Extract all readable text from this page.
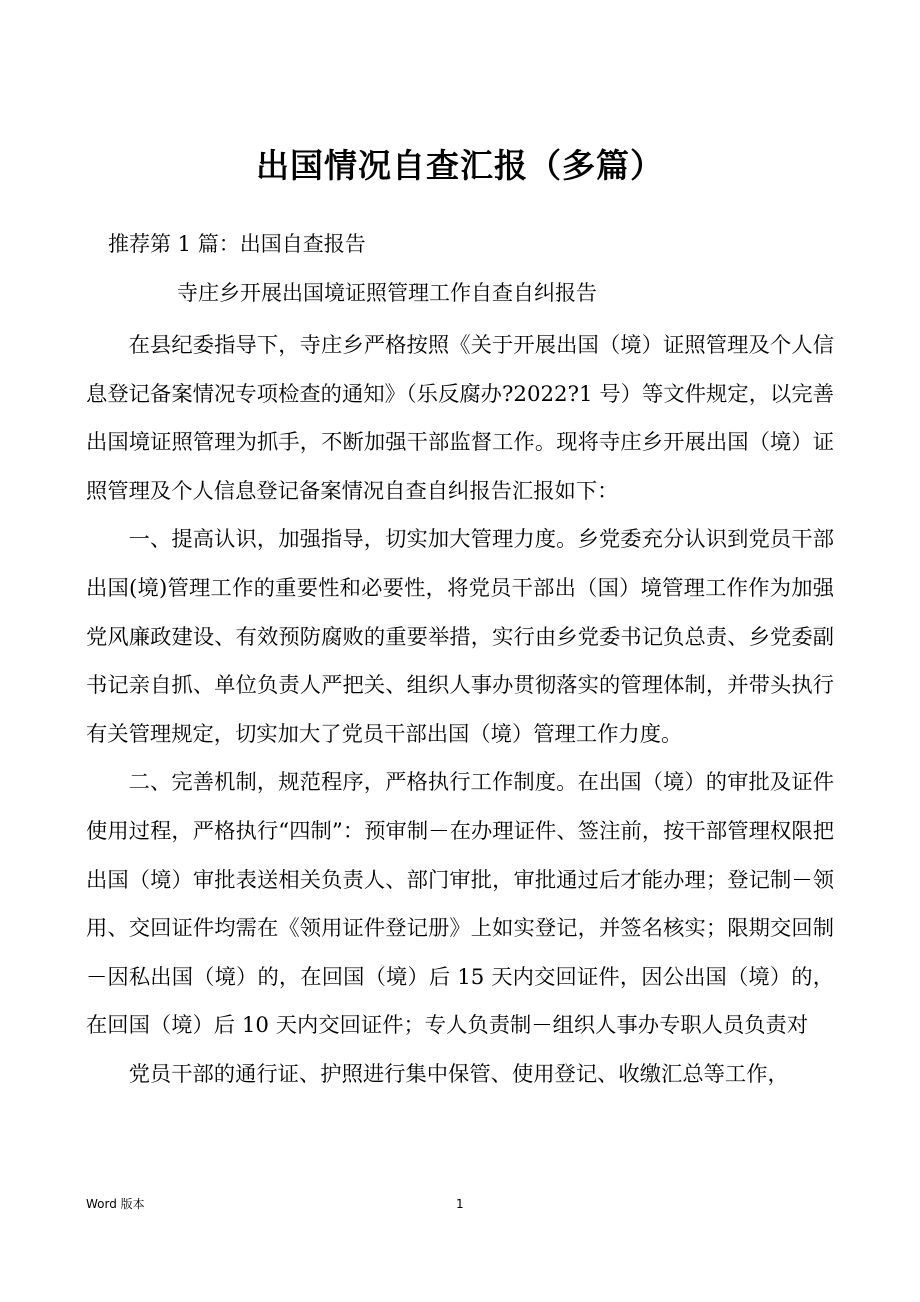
出国情况自查汇报（多篇）
推荐第 1 篇：出国自查报告
寺庄乡开展出国境证照管理工作自查自纠报告

在县纪委指导下，寺庄乡严格按照《关于开展出国（境）证照管理及个人信息登记备案情况专项检查的通知》（乐反腐办?2022?1 号）等文件规定，以完善出国境证照管理为抓手，不断加强干部监督工作。现将寺庄乡开展出国（境）证照管理及个人信息登记备案情况自查自纠报告汇报如下：

一、提高认识，加强指导，切实加大管理力度。乡党委充分认识到党员干部出国(境)管理工作的重要性和必要性，将党员干部出（国）境管理工作作为加强党风廉政建设、有效预防腐败的重要举措，实行由乡党委书记负总责、乡党委副书记亲自抓、单位负责人严把关、组织人事办贯彻落实的管理体制，并带头执行有关管理规定，切实加大了党员干部出国（境）管理工作力度。

二、完善机制，规范程序，严格执行工作制度。在出国（境）的审批及证件使用过程，严格执行“四制”：预审制－在办理证件、签注前，按干部管理权限把出国（境）审批表送相关负责人、部门审批，审批通过后才能办理；登记制－领用、交回证件均需在《领用证件登记册》上如实登记，并签名核实；限期交回制－因私出国（境）的，在回国（境）后 15 天内交回证件，因公出国（境）的，在回国（境）后 10 天内交回证件；专人负责制－组织人事办专职人员负责对

党员干部的通行证、护照进行集中保管、使用登记、收缴汇总等工作，

Word 版本	1
